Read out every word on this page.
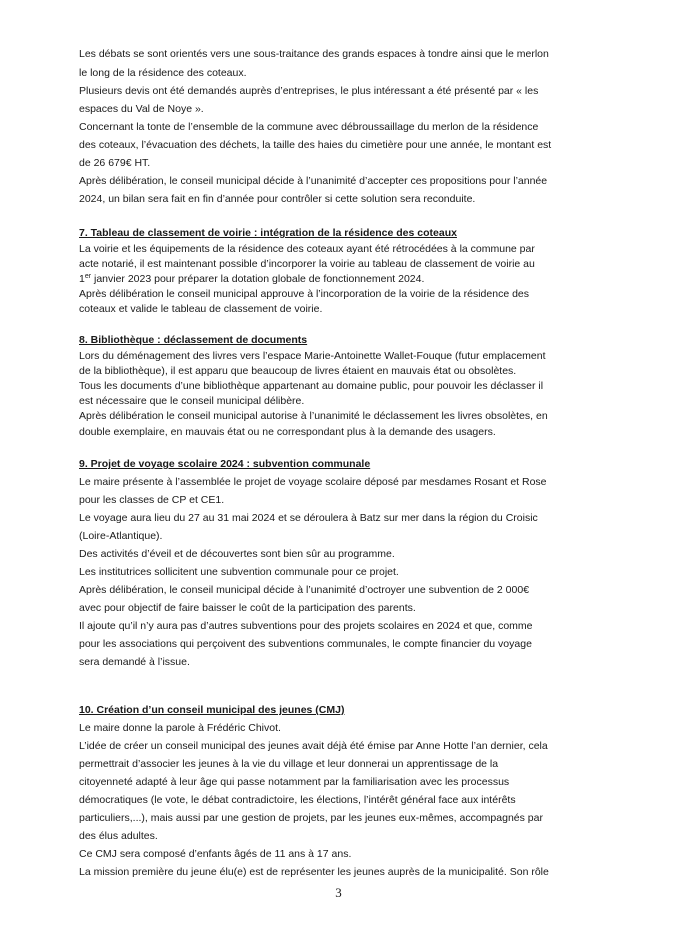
Les débats se sont orientés vers une sous-traitance des grands espaces à tondre ainsi que le merlon
le long de la résidence des coteaux.
Plusieurs devis ont été demandés auprès d’entreprises, le plus intéressant a été présenté par « les
espaces du Val de Noye ».
Concernant la tonte de l’ensemble de la commune avec débroussaillage du merlon de la résidence
des coteaux, l’évacuation des déchets, la taille des haies du cimetière pour une année, le montant est
de 26 679€ HT.
Après délibération, le conseil municipal décide à l’unanimité d’accepter ces propositions pour l’année
2024, un bilan sera fait en fin d’année pour contrôler si cette solution sera reconduite.
7. Tableau de classement de voirie : intégration de la résidence des coteaux
La voirie et les équipements de la résidence des coteaux ayant été rétrocédées à la commune par
acte notarié, il est maintenant possible d’incorporer la voirie au tableau de classement de voirie au
1er janvier 2023 pour préparer la dotation globale de fonctionnement 2024.
Après délibération le conseil municipal approuve à l’incorporation de la voirie de la résidence des
coteaux et valide le tableau de classement de voirie.
8. Bibliothèque : déclassement de documents
Lors du déménagement des livres vers l’espace Marie-Antoinette Wallet-Fouque (futur emplacement
de la bibliothèque), il est apparu que beaucoup de livres étaient en mauvais état ou obsolètes.
Tous les documents d’une bibliothèque appartenant au domaine public, pour pouvoir les déclasser il
est nécessaire que le conseil municipal délibère.
Après délibération le conseil municipal autorise à l’unanimité le déclassement les livres obsolètes, en
double exemplaire, en mauvais état ou ne correspondant plus à la demande des usagers.
9. Projet de voyage scolaire 2024 : subvention communale
Le maire présente à l’assemblée le projet de voyage scolaire déposé par mesdames Rosant et Rose
pour les classes de CP et CE1.
Le voyage aura lieu du 27 au 31 mai 2024 et se déroulera à Batz sur mer dans la région du Croisic
(Loire-Atlantique).
Des activités d’éveil et de découvertes sont bien sûr au programme.
Les institutrices sollicitent une subvention communale pour ce projet.
Après délibération, le conseil municipal décide à l’unanimité d’octroyer une subvention de 2 000€
avec pour objectif de faire baisser le coût de la participation des parents.
Il ajoute qu’il n’y aura pas d’autres subventions pour des projets scolaires en 2024 et que, comme
pour les associations qui perçoivent des subventions communales, le compte financier du voyage
sera demandé à l’issue.
10. Création d’un conseil municipal des jeunes (CMJ)
Le maire donne la parole à Frédéric Chivot.
L’idée de créer un conseil municipal des jeunes avait déjà été émise par Anne Hotte l’an dernier, cela
permettrait d’associer les jeunes à la vie du village et leur donnerai un apprentissage de la
citoyenneté adapté à leur âge qui passe notamment par la familiarisation avec les processus
démocratiques (le vote, le débat contradictoire, les élections, l’intérêt général face aux intérêts
particuliers,...), mais aussi par une gestion de projets, par les jeunes eux-mêmes, accompagnés par
des élus adultes.
Ce CMJ sera composé d’enfants âgés de 11 ans à 17 ans.
La mission première du jeune élu(e) est de représenter les jeunes auprès de la municipalité. Son rôle
3
